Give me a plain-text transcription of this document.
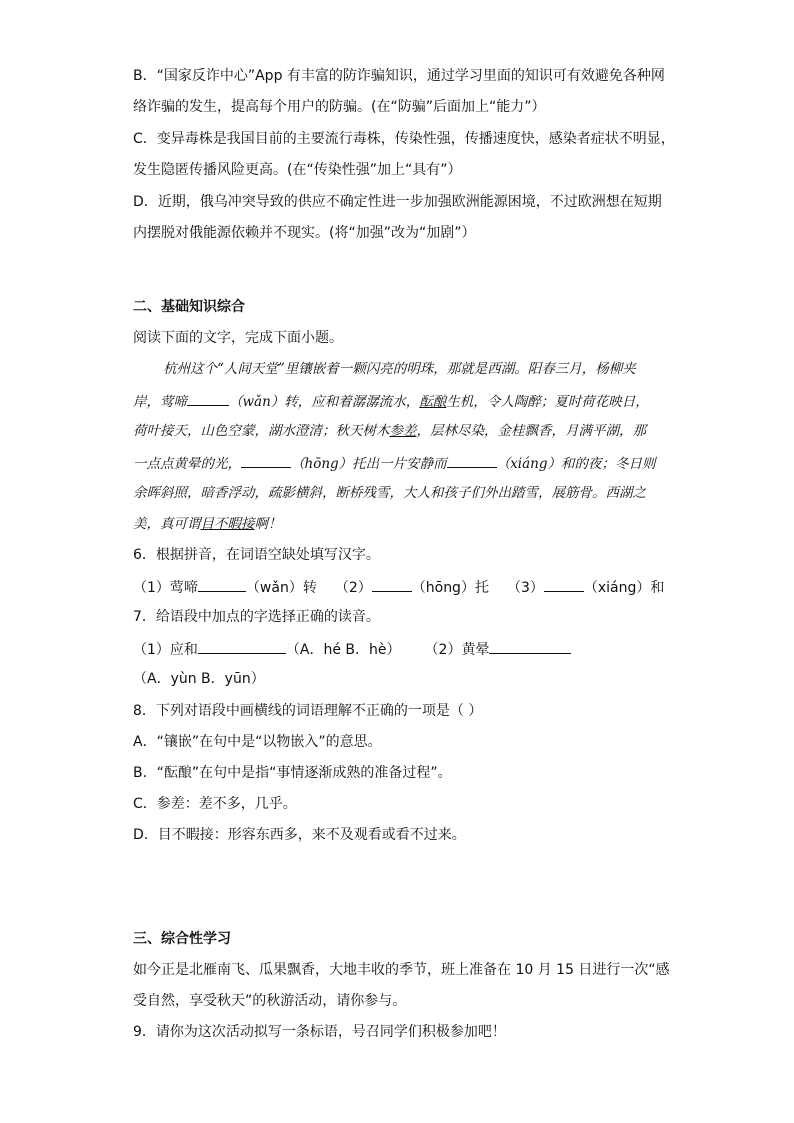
B．“国家反诈中心”App 有丰富的防诈骗知识，通过学习里面的知识可有效避免各种网
络诈骗的发生，提高每个用户的防骗。(在“防骗”后面加上“能力”）
C．变异毒株是我国目前的主要流行毒株，传染性强，传播速度快，感染者症状不明显，
发生隐匿传播风险更高。(在“传染性强”加上“具有”）
D．近期，俄乌冲突导致的供应不确定性进一步加强欧洲能源困境，不过欧洲想在短期
内摆脱对俄能源依赖并不现实。(将“加强”改为“加剧”）
二、基础知识综合
阅读下面的文字，完成下面小题。
杭州这个“人间天堂”里镶嵌着一颗闪亮的明珠，那就是西湖。阳春三月，杨柳夹
岸，莺啼	（wǎn）转，应和着潺潺流水，酝酿生机，令人陶醉；夏时荷花映日，
荷叶接天，山色空蒙，湖水澄清；秋天树木参差，层林尽染，金桂飘香，月满平湖，那
一点点黄晕的光，	（hōng）托出一片安静而	（xiáng）和的夜；冬日则
余晖斜照，暗香浮动，疏影横斜，断桥残雪，大人和孩子们外出踏雪，展筋骨。西湖之
美，真可谓目不暇接啊！
6．根据拼音，在词语空缺处填写汉字。
（1）莺啼	（wǎn）转 （2）	（hōng）托 （3）	（xiáng）和
7．给语段中加点的字选择正确的读音。
（1）应和	（A．hé B．hè） （2）黄晕
（A．yùn B．yūn）
8．下列对语段中画横线的词语理解不正确的一项是（ ）
A．“镶嵌”在句中是“以物嵌入”的意思。
B．“酝酿”在句中是指“事情逐渐成熟的准备过程”。
C．参差：差不多，几乎。
D．目不暇接：形容东西多，来不及观看或看不过来。
三、综合性学习
如今正是北雁南飞、瓜果飘香，大地丰收的季节，班上准备在 10 月 15 日进行一次“感
受自然，享受秋天”的秋游活动，请你参与。
9．请你为这次活动拟写一条标语，号召同学们积极参加吧！
